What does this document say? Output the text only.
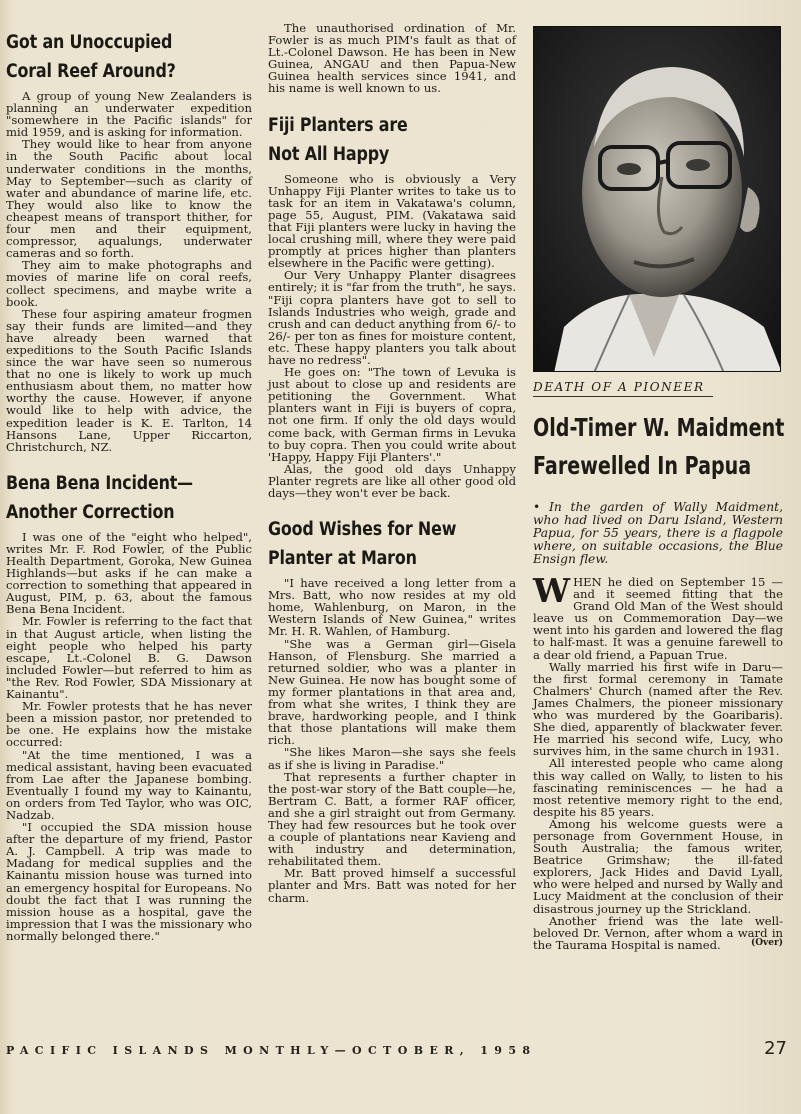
Got an Unoccupied
Coral Reef Around?

A group of young New Zealanders is planning an underwater expedition "somewhere in the Pacific islands" for mid 1959, and is asking for information.

They would like to hear from anyone in the South Pacific about local underwater conditions in the months, May to September—such as clarity of water and abundance of marine life, etc. They would also like to know the cheapest means of transport thither, for four men and their equipment, compressor, aqualungs, underwater cameras and so forth.

They aim to make photographs and movies of marine life on coral reefs, collect specimens, and maybe write a book.

These four aspiring amateur frogmen say their funds are limited—and they have already been warned that expeditions to the South Pacific Islands since the war have seen so numerous that no one is likely to work up much enthusiasm about them, no matter how worthy the cause. However, if anyone would like to help with advice, the expedition leader is K. E. Tarlton, 14 Hansons Lane, Upper Riccarton, Christchurch, NZ.

Bena Bena Incident—
Another Correction

I was one of the "eight who helped", writes Mr. F. Rod Fowler, of the Public Health Department, Goroka, New Guinea Highlands—but asks if he can make a correction to something that appeared in August, PIM, p. 63, about the famous Bena Bena Incident.

Mr. Fowler is referring to the fact that in that August article, when listing the eight people who helped his party escape, Lt.-Colonel B. G. Dawson included Fowler—but referred to him as "the Rev. Rod Fowler, SDA Missionary at Kainantu".

Mr. Fowler protests that he has never been a mission pastor, nor pretended to be one. He explains how the mistake occurred:

"At the time mentioned, I was a medical assistant, having been evacuated from Lae after the Japanese bombing. Eventually I found my way to Kainantu, on orders from Ted Taylor, who was OIC, Nadzab.

"I occupied the SDA mission house after the departure of my friend, Pastor A. J. Campbell. A trip was made to Madang for medical supplies and the Kainantu mission house was turned into an emergency hospital for Europeans. No doubt the fact that I was running the mission house as a hospital, gave the impression that I was the missionary who normally belonged there."

The unauthorised ordination of Mr. Fowler is as much PIM's fault as that of Lt.-Colonel Dawson. He has been in New Guinea, ANGAU and then Papua-New Guinea health services since 1941, and his name is well known to us.

Fiji Planters are
Not All Happy

Someone who is obviously a Very Unhappy Fiji Planter writes to take us to task for an item in Vakatawa's column, page 55, August, PIM. (Vakatawa said that Fiji planters were lucky in having the local crushing mill, where they were paid promptly at prices higher than planters elsewhere in the Pacific were getting).

Our Very Unhappy Planter disagrees entirely; it is "far from the truth", he says. "Fiji copra planters have got to sell to Islands Industries who weigh, grade and crush and can deduct anything from 6/- to 26/- per ton as fines for moisture content, etc. These happy planters you talk about have no redress".

He goes on: "The town of Levuka is just about to close up and residents are petitioning the Government. What planters want in Fiji is buyers of copra, not one firm. If only the old days would come back, with German firms in Levuka to buy copra. Then you could write about 'Happy, Happy Fiji Planters'."

Alas, the good old days Unhappy Planter regrets are like all other good old days—they won't ever be back.

Good Wishes for New
Planter at Maron

"I have received a long letter from a Mrs. Batt, who now resides at my old home, Wahlenburg, on Maron, in the Western Islands of New Guinea," writes Mr. H. R. Wahlen, of Hamburg.

"She was a German girl—Gisela Hanson, of Flensburg. She married a returned soldier, who was a planter in New Guinea. He now has bought some of my former plantations in that area and, from what she writes, I think they are brave, hardworking people, and I think that those plantations will make them rich.

"She likes Maron—she says she feels as if she is living in Paradise."

That represents a further chapter in the post-war story of the Batt couple—he, Bertram C. Batt, a former RAF officer, and she a girl straight out from Germany. They had few resources but he took over a couple of plantations near Kavieng and with industry and determination, rehabilitated them.

Mr. Batt proved himself a successful planter and Mrs. Batt was noted for her charm.

DEATH OF A PIONEER
Old-Timer W. Maidment
Farewelled In Papua

• In the garden of Wally Maidment, who had lived on Daru Island, Western Papua, for 55 years, there is a flagpole where, on suitable occasions, the Blue Ensign flew.

WHEN he died on September 15 —and it seemed fitting that the Grand Old Man of the West should leave us on Commemoration Day—we went into his garden and lowered the flag to half-mast. It was a genuine farewell to a dear old friend, a Papuan True.

Wally married his first wife in Daru—the first formal ceremony in Tamate Chalmers' Church (named after the Rev. James Chalmers, the pioneer missionary who was murdered by the Goaribaris). She died, apparently of blackwater fever. He married his second wife, Lucy, who survives him, in the same church in 1931.

All interested people who came along this way called on Wally, to listen to his fascinating reminiscences — he had a most retentive memory right to the end, despite his 85 years.

Among his welcome guests were a personage from Government House, in South Australia; the famous writer, Beatrice Grimshaw; the ill-fated explorers, Jack Hides and David Lyall, who were helped and nursed by Wally and Lucy Maidment at the conclusion of their disastrous journey up the Strickland.

Another friend was the late well-beloved Dr. Vernon, after whom a ward in the Taurama Hospital is named.	(Over)

PACIFIC ISLANDS MONTHLY—OCTOBER, 1958	27
